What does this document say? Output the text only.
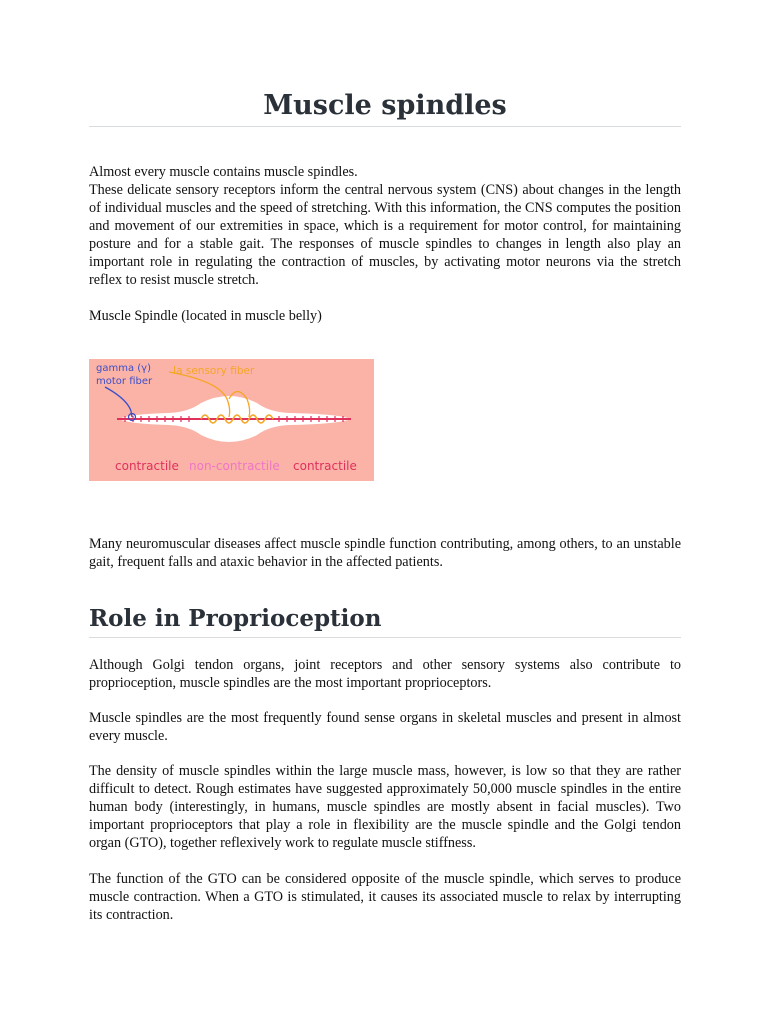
Muscle spindles

Almost every muscle contains muscle spindles.

These delicate sensory receptors inform the central nervous system (CNS) about changes in the length of individual muscles and the speed of stretching. With this information, the CNS computes the position and movement of our extremities in space, which is a requirement for motor control, for maintaining posture and for a stable gait. The responses of muscle spindles to changes in length also play an important role in regulating the contraction of muscles, by activating motor neurons via the stretch reflex to resist muscle stretch.

Muscle Spindle (located in muscle belly)

gamma (γ)
motor fiber
Ia sensory fiber
contractile non-contractile contractile

Many neuromuscular diseases affect muscle spindle function contributing, among others, to an unstable gait, frequent falls and ataxic behavior in the affected patients.

Role in Proprioception

Although Golgi tendon organs, joint receptors and other sensory systems also contribute to proprioception, muscle spindles are the most important proprioceptors.

Muscle spindles are the most frequently found sense organs in skeletal muscles and present in almost every muscle.

The density of muscle spindles within the large muscle mass, however, is low so that they are rather difficult to detect. Rough estimates have suggested approximately 50,000 muscle spindles in the entire human body (interestingly, in humans, muscle spindles are mostly absent in facial muscles). Two important proprioceptors that play a role in flexibility are the muscle spindle and the Golgi tendon organ (GTO), together reflexively work to regulate muscle stiffness.

The function of the GTO can be considered opposite of the muscle spindle, which serves to produce muscle contraction. When a GTO is stimulated, it causes its associated muscle to relax by interrupting its contraction.
